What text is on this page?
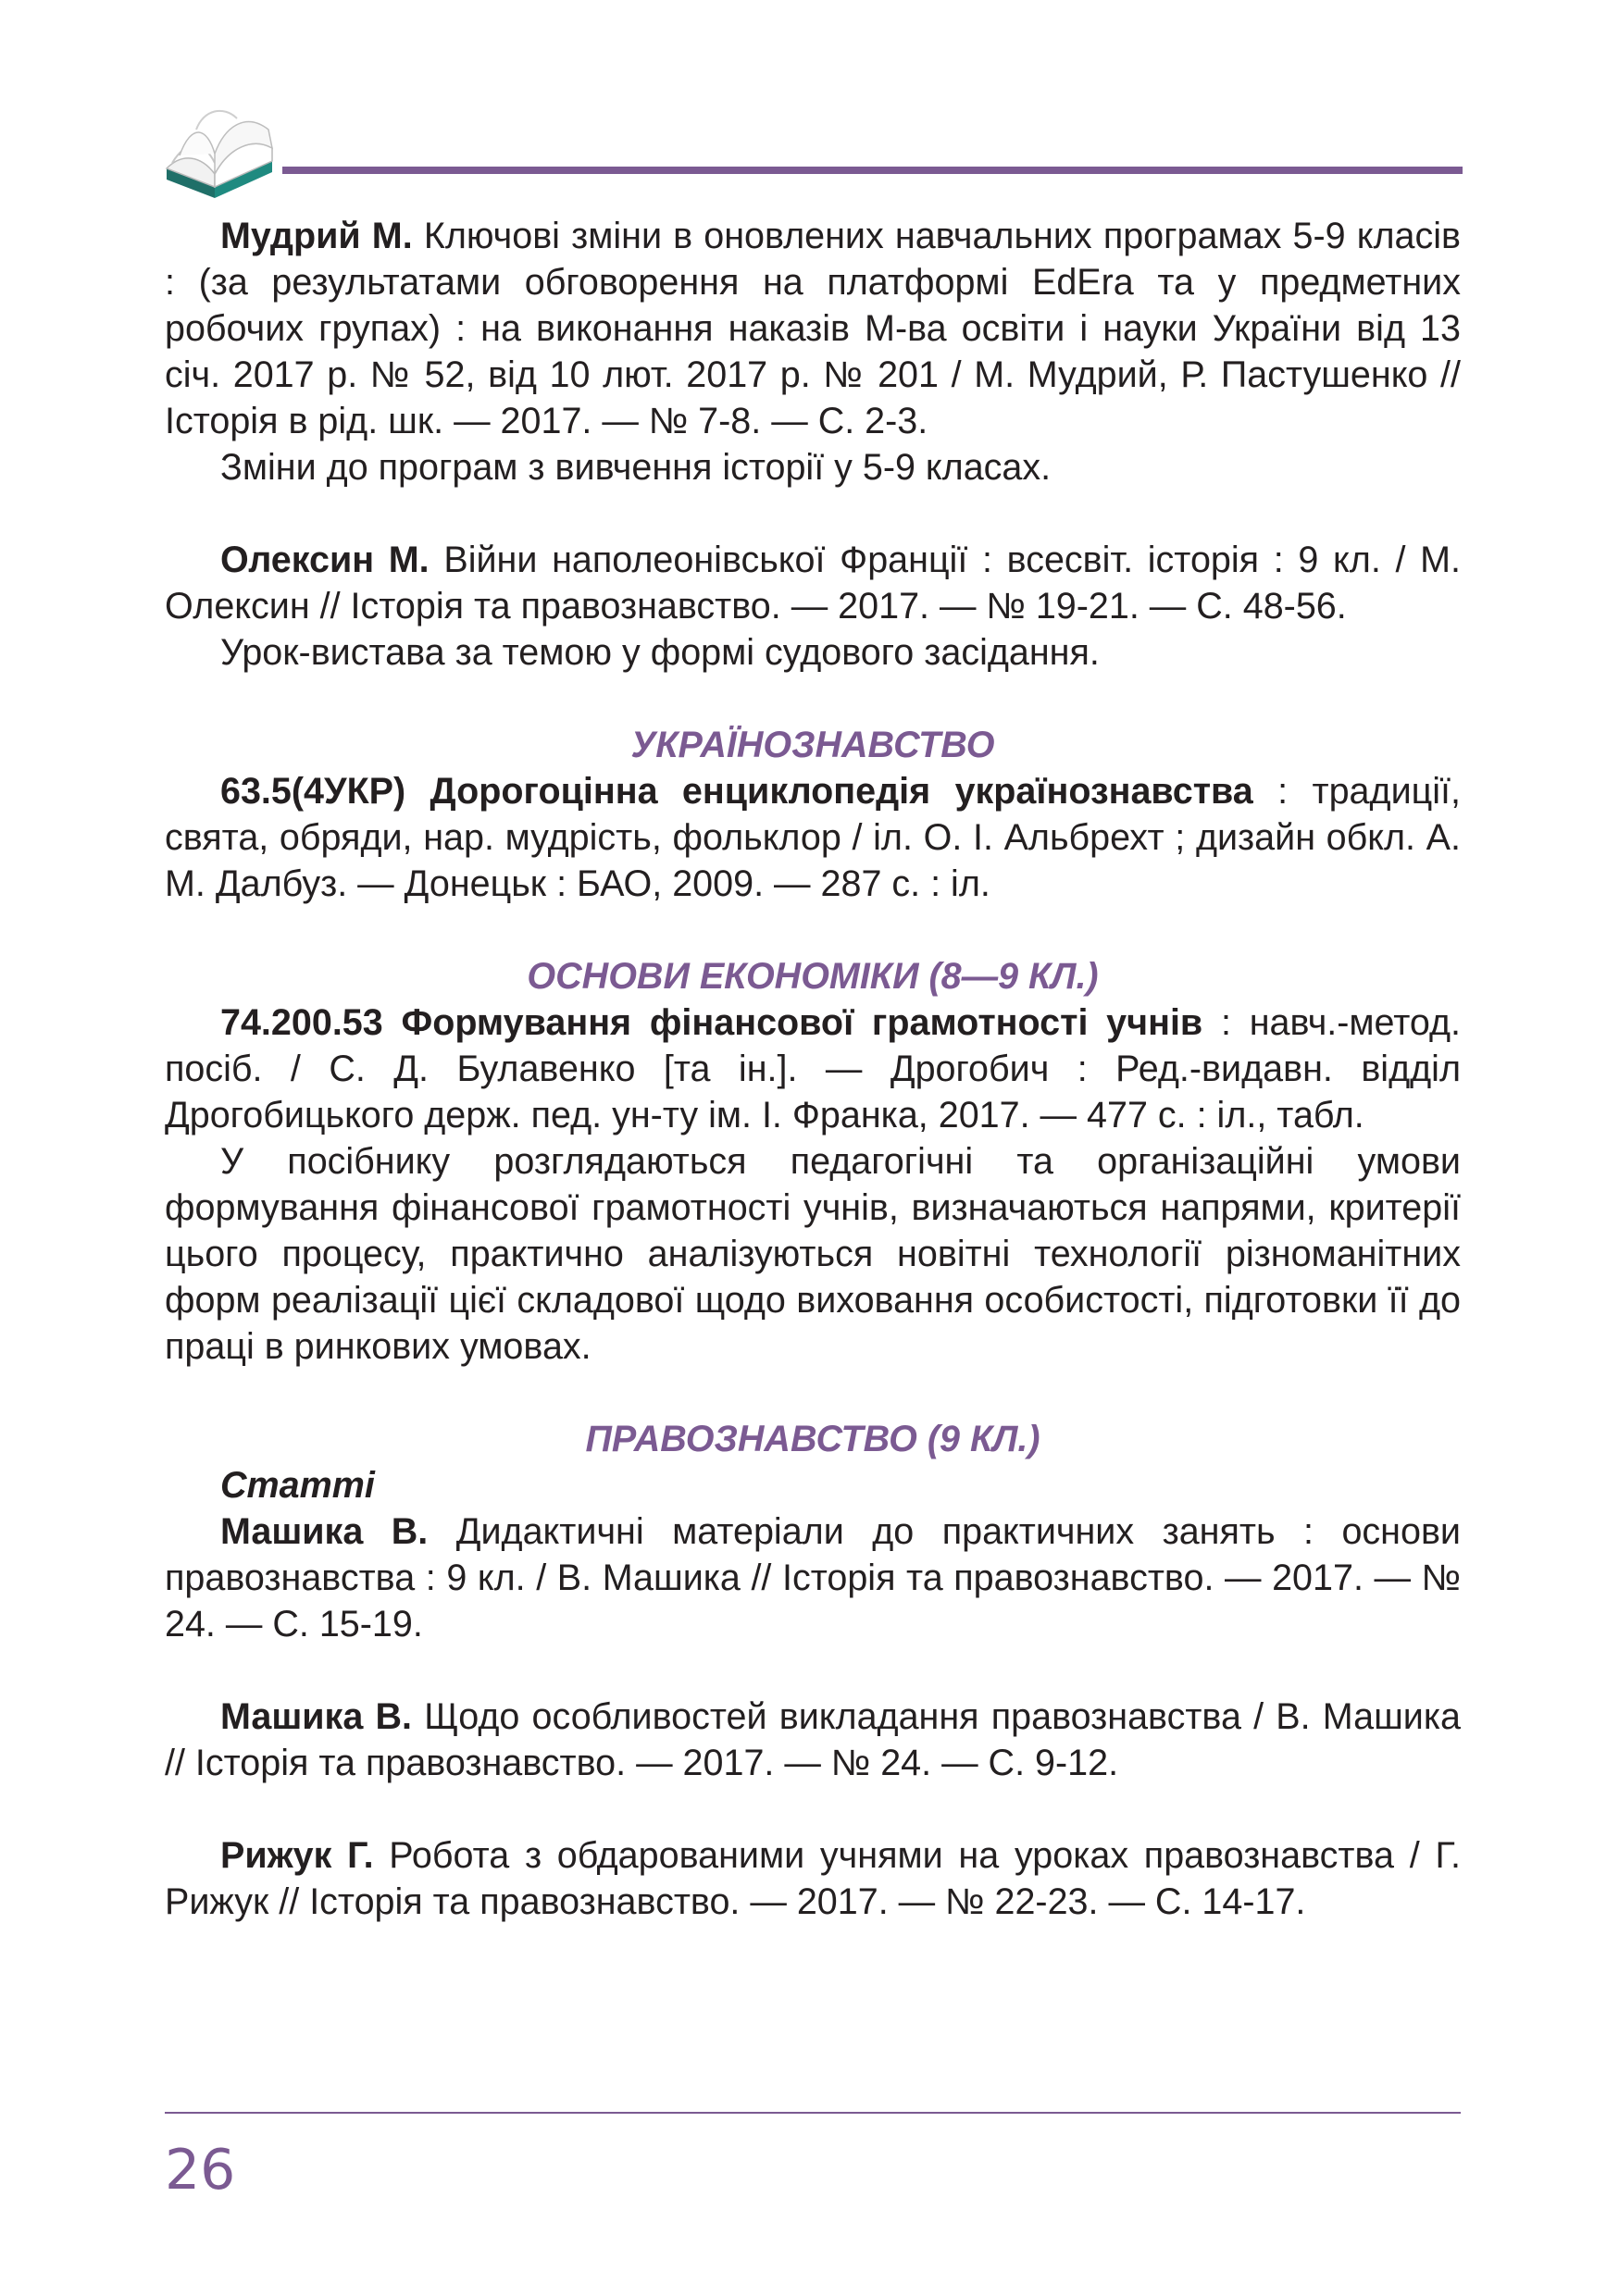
Мудрий М. Ключові зміни в оновлених навчальних програмах 5-9 класів : (за результатами обговорення на платформі EdEra та у предметних робочих групах) : на виконання наказів М-ва освіти і науки України від 13 січ. 2017 р. № 52, від 10 лют. 2017 р. № 201 / М. Мудрий, Р. Пастушенко // Історія в рід. шк. — 2017. — № 7-8. — С. 2-3.

Зміни до програм з вивчення історії у 5-9 класах.

Олексин М. Війни наполеонівської Франції : всесвіт. історія : 9 кл. / М. Олексин // Історія та правознавство. — 2017. — № 19-21. — С. 48-56.

Урок-вистава за темою у формі судового засідання.

УКРАЇНОЗНАВСТВО

63.5(4УКР) Дорогоцінна енциклопедія українознавства : традиції, свята, обряди, нар. мудрість, фольклор / іл. О. І. Альбрехт ; дизайн обкл. А. М. Далбуз. — Донецьк : БАО, 2009. — 287 с. : іл.

ОСНОВИ ЕКОНОМІКИ (8—9 КЛ.)

74.200.53 Формування фінансової грамотності учнів : навч.-метод. посіб. / С. Д. Булавенко [та ін.]. — Дрогобич : Ред.-видавн. відділ Дрогобицького держ. пед. ун-ту ім. І. Франка, 2017. — 477 с. : іл., табл.

У посібнику розглядаються педагогічні та організаційні умови формування фінансової грамотності учнів, визначаються напрями, критерії цього процесу, практично аналізуються новітні технології різноманітних форм реалізації цієї складової щодо виховання особистості, підготовки її до праці в ринкових умовах.

ПРАВОЗНАВСТВО (9 КЛ.)

Статті

Машика В. Дидактичні матеріали до практичних занять : основи правознавства : 9 кл. / В. Машика // Історія та правознавство. — 2017. — № 24. — С. 15-19.

Машика В. Щодо особливостей викладання правознавства / В. Машика // Історія та правознавство. — 2017. — № 24. — С. 9-12.

Рижук Г. Робота з обдарованими учнями на уроках правознавства / Г. Рижук // Історія та правознавство. — 2017. — № 22-23. — С. 14-17.

26
